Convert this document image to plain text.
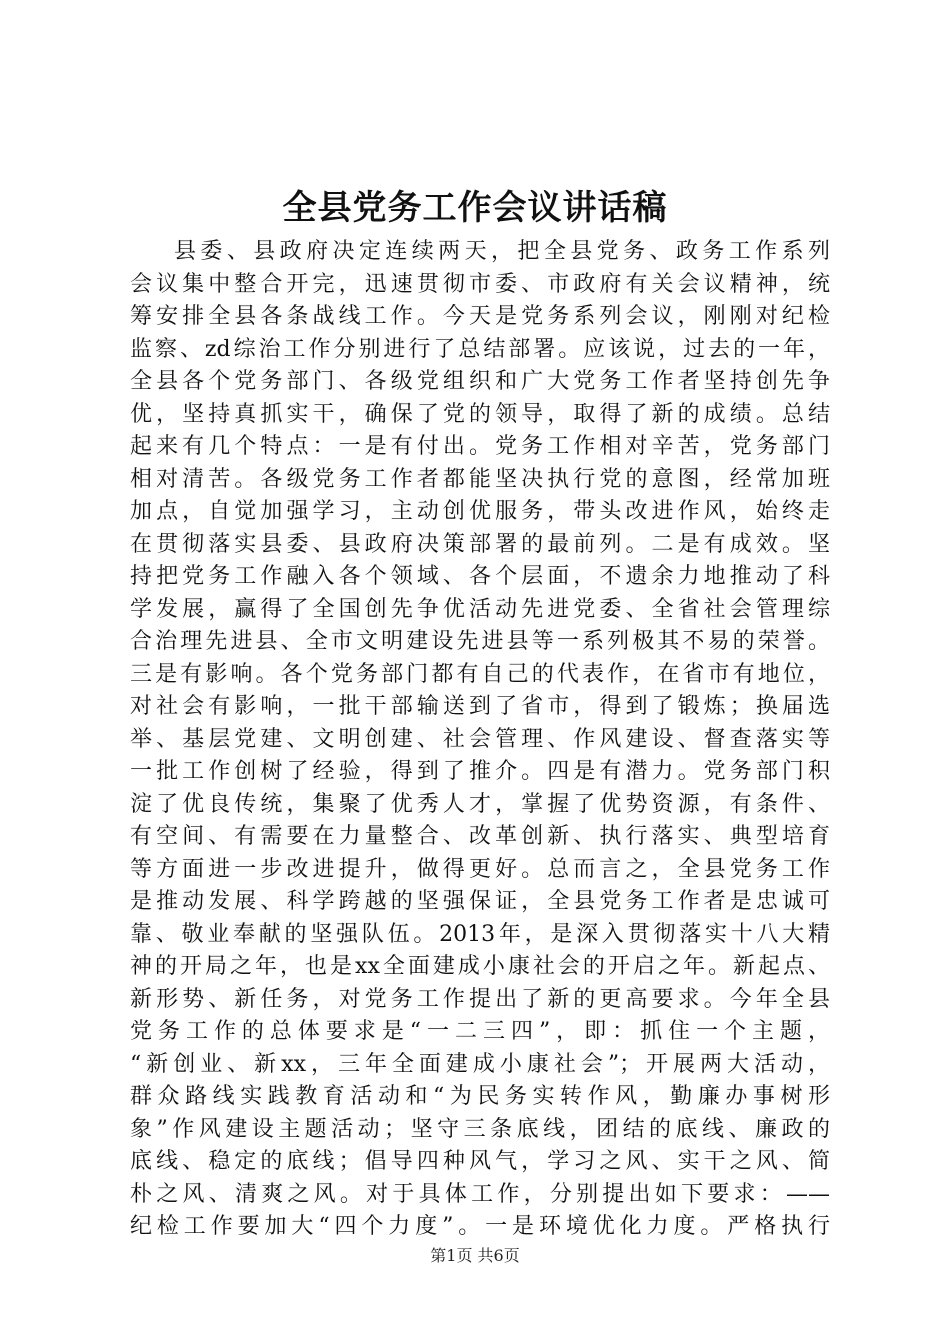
全县党务工作会议讲话稿
县委、县政府决定连续两天，把全县党务、政务工作系列
会议集中整合开完，迅速贯彻市委、市政府有关会议精神，统
筹安排全县各条战线工作。今天是党务系列会议，刚刚对纪检
监察、zd综治工作分别进行了总结部署。应该说，过去的一年，
全县各个党务部门、各级党组织和广大党务工作者坚持创先争
优，坚持真抓实干，确保了党的领导，取得了新的成绩。总结
起来有几个特点：一是有付出。党务工作相对辛苦，党务部门
相对清苦。各级党务工作者都能坚决执行党的意图，经常加班
加点，自觉加强学习，主动创优服务，带头改进作风，始终走
在贯彻落实县委、县政府决策部署的最前列。二是有成效。坚
持把党务工作融入各个领域、各个层面，不遗余力地推动了科
学发展，赢得了全国创先争优活动先进党委、全省社会管理综
合治理先进县、全市文明建设先进县等一系列极其不易的荣誉。
三是有影响。各个党务部门都有自己的代表作，在省市有地位，
对社会有影响，一批干部输送到了省市，得到了锻炼；换届选
举、基层党建、文明创建、社会管理、作风建设、督查落实等
一批工作创树了经验，得到了推介。四是有潜力。党务部门积
淀了优良传统，集聚了优秀人才，掌握了优势资源，有条件、
有空间、有需要在力量整合、改革创新、执行落实、典型培育
等方面进一步改进提升，做得更好。总而言之，全县党务工作
是推动发展、科学跨越的坚强保证，全县党务工作者是忠诚可
靠、敬业奉献的坚强队伍。2013年，是深入贯彻落实十八大精
神的开局之年，也是xx全面建成小康社会的开启之年。新起点、
新形势、新任务，对党务工作提出了新的更高要求。今年全县
党务工作的总体要求是“一二三四”，即：抓住一个主题，
“新创业、新xx，三年全面建成小康社会”；开展两大活动，
群众路线实践教育活动和“为民务实转作风，勤廉办事树形
象”作风建设主题活动；坚守三条底线，团结的底线、廉政的
底线、稳定的底线；倡导四种风气，学习之风、实干之风、简
朴之风、清爽之风。对于具体工作，分别提出如下要求：——
纪检工作要加大“四个力度”。一是环境优化力度。严格执行
第1页 共6页
